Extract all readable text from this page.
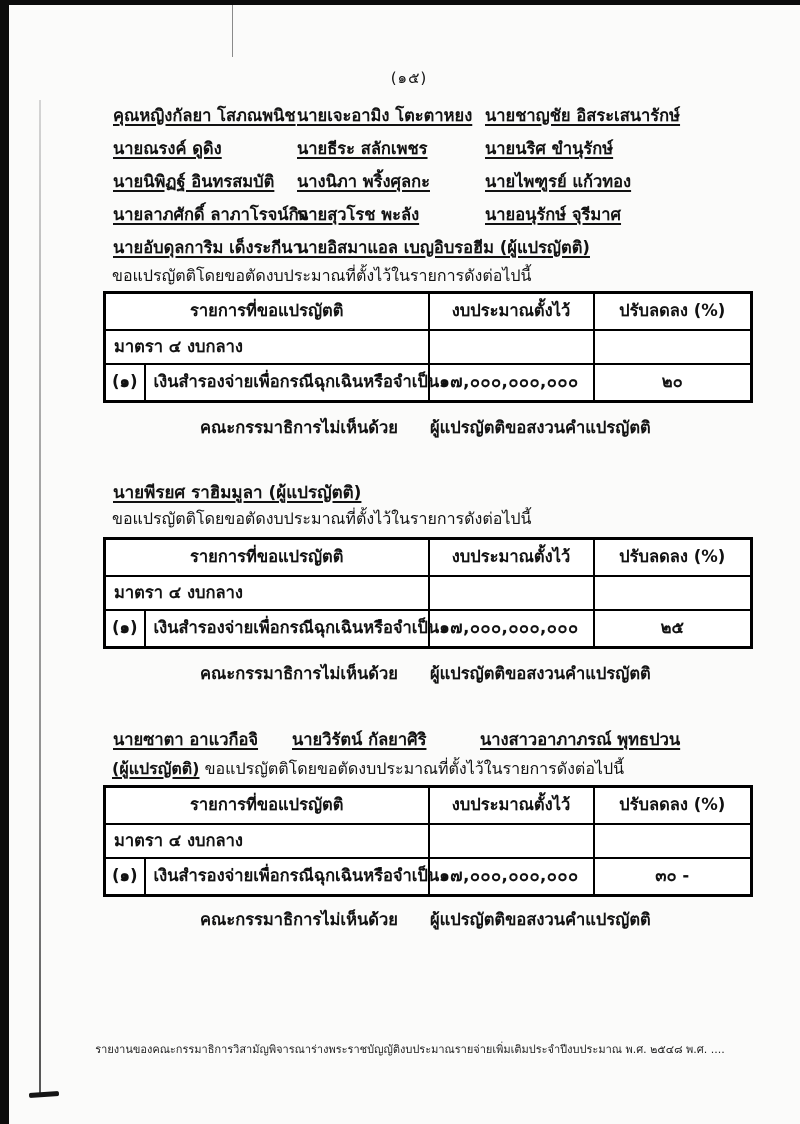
(๑๕)
คุณหญิงกัลยา โสภณพนิช นายเจะอามิง โตะตาหยง นายชาญชัย อิสระเสนารักษ์
นายณรงค์ ดูดิง	นายธีระ สลักเพชร	นายนริศ ขำนุรักษ์
นายนิพิฏฐ์ อินทรสมบัติ นางนิภา พริ้งศุลกะ	นายไพฑูรย์ แก้วทอง
นายลาภศักดิ์ ลาภาโรจน์กิจ
นายสุวโรช พะลัง	นายอนุรักษ์ จุรีมาศ
นายอับดุลการิม เด็งระกีนา
นายอิสมาแอล เบญอิบรอฮีม (ผู้แปรญัตติ)
ขอแปรญัตติโดยขอตัดงบประมาณที่ตั้งไว้ในรายการดังต่อไปนี้
รายการที่ขอแปรญัตติ		งบประมาณตั้งไว้	ปรับลดลง (%)
มาตรา ๔ งบกลาง			
(๑)	เงินสำรองจ่ายเพื่อกรณีฉุกเฉินหรือจำเป็น	๑๗,๐๐๐,๐๐๐,๐๐๐	๒๐
คณะกรรมาธิการไม่เห็นด้วย ผู้แปรญัตติขอสงวนคำแปรญัตติ
นายพีรยศ ราฮิมมูลา (ผู้แปรญัตติ)
ขอแปรญัตติโดยขอตัดงบประมาณที่ตั้งไว้ในรายการดังต่อไปนี้
รายการที่ขอแปรญัตติ		งบประมาณตั้งไว้	ปรับลดลง (%)
มาตรา ๔ งบกลาง			
(๑)	เงินสำรองจ่ายเพื่อกรณีฉุกเฉินหรือจำเป็น	๑๗,๐๐๐,๐๐๐,๐๐๐	๒๕
คณะกรรมาธิการไม่เห็นด้วย ผู้แปรญัตติขอสงวนคำแปรญัตติ
นายซาตา อาแวกือจิ นายวิรัตน์ กัลยาศิริ	นางสาวอาภาภรณ์ พุทธปวน
(ผู้แปรญัตติ) ขอแปรญัตติโดยขอตัดงบประมาณที่ตั้งไว้ในรายการดังต่อไปนี้
รายการที่ขอแปรญัตติ		งบประมาณตั้งไว้	ปรับลดลง (%)
มาตรา ๔ งบกลาง			
(๑)	เงินสำรองจ่ายเพื่อกรณีฉุกเฉินหรือจำเป็น	๑๗,๐๐๐,๐๐๐,๐๐๐	๓๐ -
คณะกรรมาธิการไม่เห็นด้วย ผู้แปรญัตติขอสงวนคำแปรญัตติ
รายงานของคณะกรรมาธิการวิสามัญพิจารณาร่างพระราชบัญญัติงบประมาณรายจ่ายเพิ่มเติมประจำปีงบประมาณ พ.ศ. ๒๕๔๘ พ.ศ. ....
